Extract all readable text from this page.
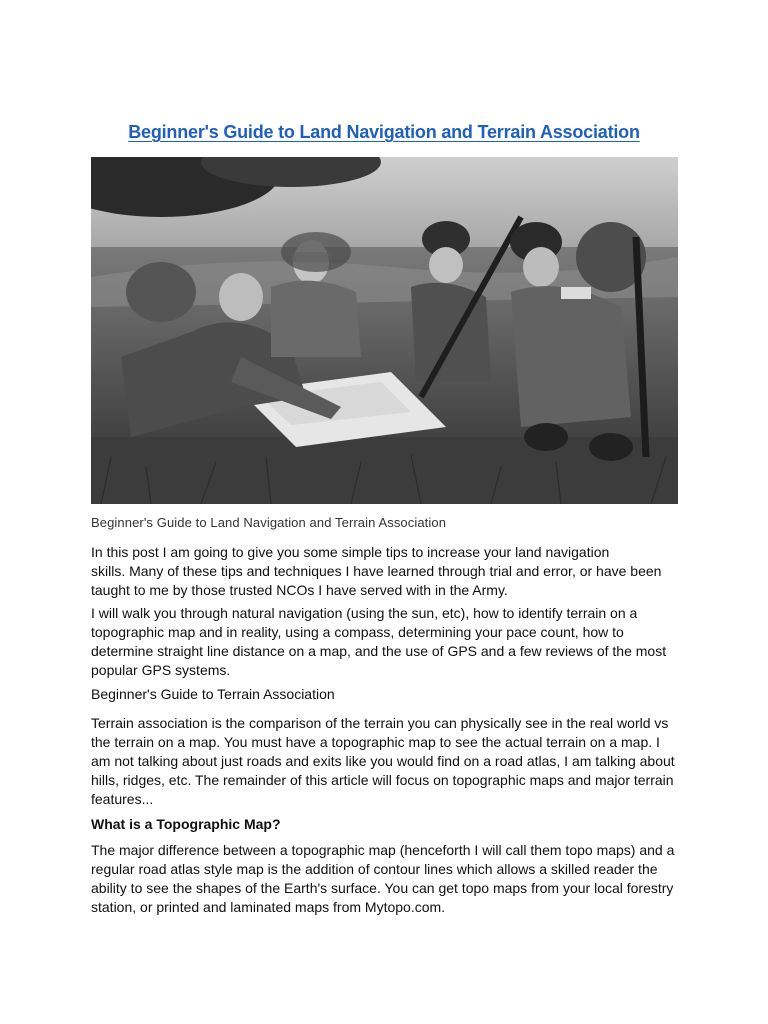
Beginner's Guide to Land Navigation and Terrain Association
Beginner's Guide to Land Navigation and Terrain Association

In this post I am going to give you some simple tips to increase your land navigation
skills. Many of these tips and techniques I have learned through trial and error, or have been
taught to me by those trusted NCOs I have served with in the Army.

I will walk you through natural navigation (using the sun, etc), how to identify terrain on a
topographic map and in reality, using a compass, determining your pace count, how to
determine straight line distance on a map, and the use of GPS and a few reviews of the most
popular GPS systems.

Beginner's Guide to Terrain Association

Terrain association is the comparison of the terrain you can physically see in the real world vs
the terrain on a map. You must have a topographic map to see the actual terrain on a map. I
am not talking about just roads and exits like you would find on a road atlas, I am talking about
hills, ridges, etc. The remainder of this article will focus on topographic maps and major terrain
features...

What is a Topographic Map?

The major difference between a topographic map (henceforth I will call them topo maps) and a
regular road atlas style map is the addition of contour lines which allows a skilled reader the
ability to see the shapes of the Earth's surface. You can get topo maps from your local forestry
station, or printed and laminated maps from Mytopo.com.
